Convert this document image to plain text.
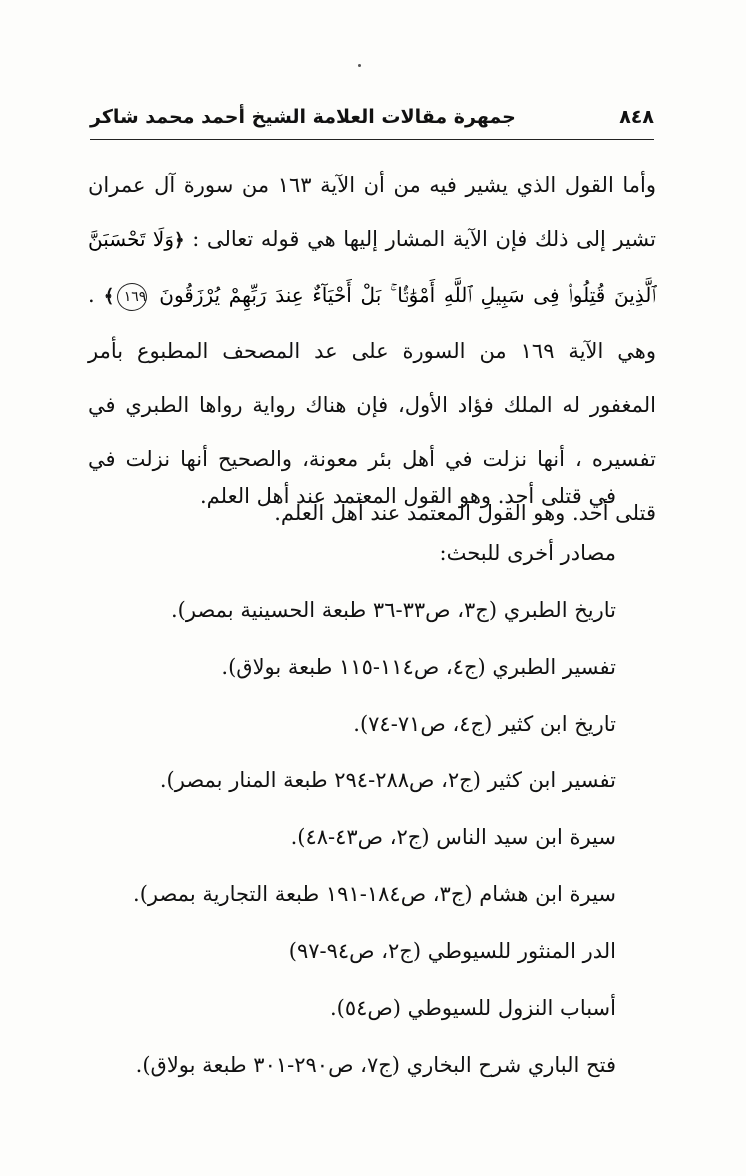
٨٤٨
جمهرة مقالات العلامة الشيخ أحمد محمد شاكر

وأما القول الذي يشير فيه من أن الآية ١٦٣ من سورة آل عمران تشير إلى ذلك فإن الآية المشار إليها هي قوله تعالى : ﴿وَلَا تَحْسَبَنَّ ٱلَّذِينَ قُتِلُوا۟ فِى سَبِيلِ ٱللَّهِ أَمْوَٰتًۢا ۚ بَلْ أَحْيَآءٌ عِندَ رَبِّهِمْ يُرْزَقُونَ ١٦٩﴾ . وهي الآية ١٦٩ من السورة على عد المصحف المطبوع بأمر المغفور له الملك فؤاد الأول، فإن هناك رواية رواها الطبري في تفسيره ، أنها نزلت في أهل بئر معونة، والصحيح أنها نزلت في قتلى أحد. وهو القول المعتمد عند أهل العلم.

في قتلى أحد. وهو القول المعتمد عند أهل العلم.
مصادر أخرى للبحث:
تاريخ الطبري (ج٣، ص٣٣-٣٦ طبعة الحسينية بمصر).
تفسير الطبري (ج٤، ص١١٤-١١٥ طبعة بولاق).
تاريخ ابن كثير (ج٤، ص٧١-٧٤).
تفسير ابن كثير (ج٢، ص٢٨٨-٢٩٤ طبعة المنار بمصر).
سيرة ابن سيد الناس (ج٢، ص٤٣-٤٨).
سيرة ابن هشام (ج٣، ص١٨٤-١٩١ طبعة التجارية بمصر).
الدر المنثور للسيوطي (ج٢، ص٩٤-٩٧)
أسباب النزول للسيوطي (ص٥٤).
فتح الباري شرح البخاري (ج٧، ص٢٩٠-٣٠١ طبعة بولاق).
